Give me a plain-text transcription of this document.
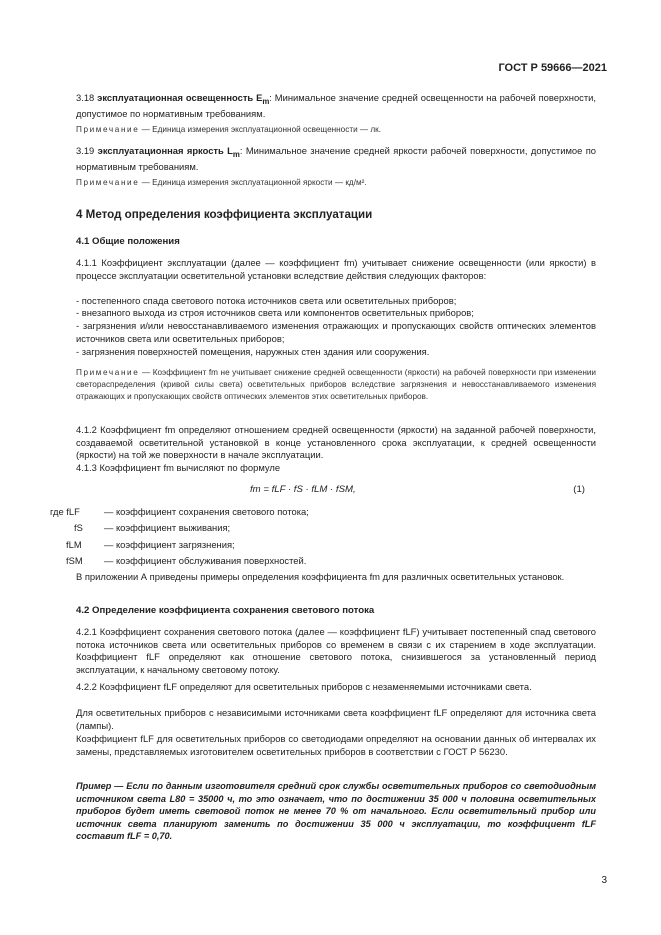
ГОСТ Р 59666—2021
3.18 эксплуатационная освещенность $E_m$: Минимальное значение средней освещенности на рабочей поверхности, допустимое по нормативным требованиям.
Примечание — Единица измерения эксплуатационной освещенности — лк.
3.19 эксплуатационная яркость $L_m$: Минимальное значение средней яркости рабочей поверхности, допустимое по нормативным требованиям.
Примечание — Единица измерения эксплуатационной яркости — кд/м².
4 Метод определения коэффициента эксплуатации
4.1 Общие положения
4.1.1 Коэффициент эксплуатации (далее — коэффициент fm) учитывает снижение освещенности (или яркости) в процессе эксплуатации осветительной установки вследствие действия следующих факторов:
- постепенного спада светового потока источников света или осветительных приборов;
- внезапного выхода из строя источников света или компонентов осветительных приборов;
- загрязнения и/или невосстанавливаемого изменения отражающих и пропускающих свойств оптических элементов источников света или осветительных приборов;
- загрязнения поверхностей помещения, наружных стен здания или сооружения.
Примечание — Коэффициент fm не учитывает снижение средней освещенности (яркости) на рабочей поверхности при изменении светораспределения (кривой силы света) осветительных приборов вследствие загрязнения и невосстанавливаемого изменения отражающих и пропускающих свойств оптических элементов этих осветительных приборов.
4.1.2 Коэффициент fm определяют отношением средней освещенности (яркости) на заданной рабочей поверхности, создаваемой осветительной установкой в конце установленного срока эксплуатации, к средней освещенности (яркости) на той же поверхности в начале эксплуатации.
4.1.3 Коэффициент fm вычисляют по формуле
fm = fLF · fS · fLM · fSM,	(1)
где fLF	— коэффициент сохранения светового потока;
fS — коэффициент выживания;
fLM — коэффициент загрязнения;
fSM — коэффициент обслуживания поверхностей.
В приложении А приведены примеры определения коэффициента fm для различных осветительных установок.
4.2 Определение коэффициента сохранения светового потока
4.2.1 Коэффициент сохранения светового потока (далее — коэффициент fLF) учитывает постепенный спад светового потока источников света или осветительных приборов со временем в связи с их старением в ходе эксплуатации. Коэффициент fLF определяют как отношение светового потока, снизившегося за установленный период эксплуатации, к начальному световому потоку.
4.2.2 Коэффициент fLF определяют для осветительных приборов с незаменяемыми источниками света.
Для осветительных приборов с независимыми источниками света коэффициент fLF определяют для источника света (лампы).
Коэффициент fLF для осветительных приборов со светодиодами определяют на основании данных об интервалах их замены, представляемых изготовителем осветительных приборов в соответствии с ГОСТ Р 56230.
Пример — Если по данным изготовителя средний срок службы осветительных приборов со светодиодным источником света L80 = 35000 ч, то это означает, что по достижении 35 000 ч половина осветительных приборов будет иметь световой поток не менее 70 % от начального. Если осветительный прибор или источник света планируют заменить по достижении 35 000 ч эксплуатации, то коэффициент fLF составит fLF = 0,70.
3
